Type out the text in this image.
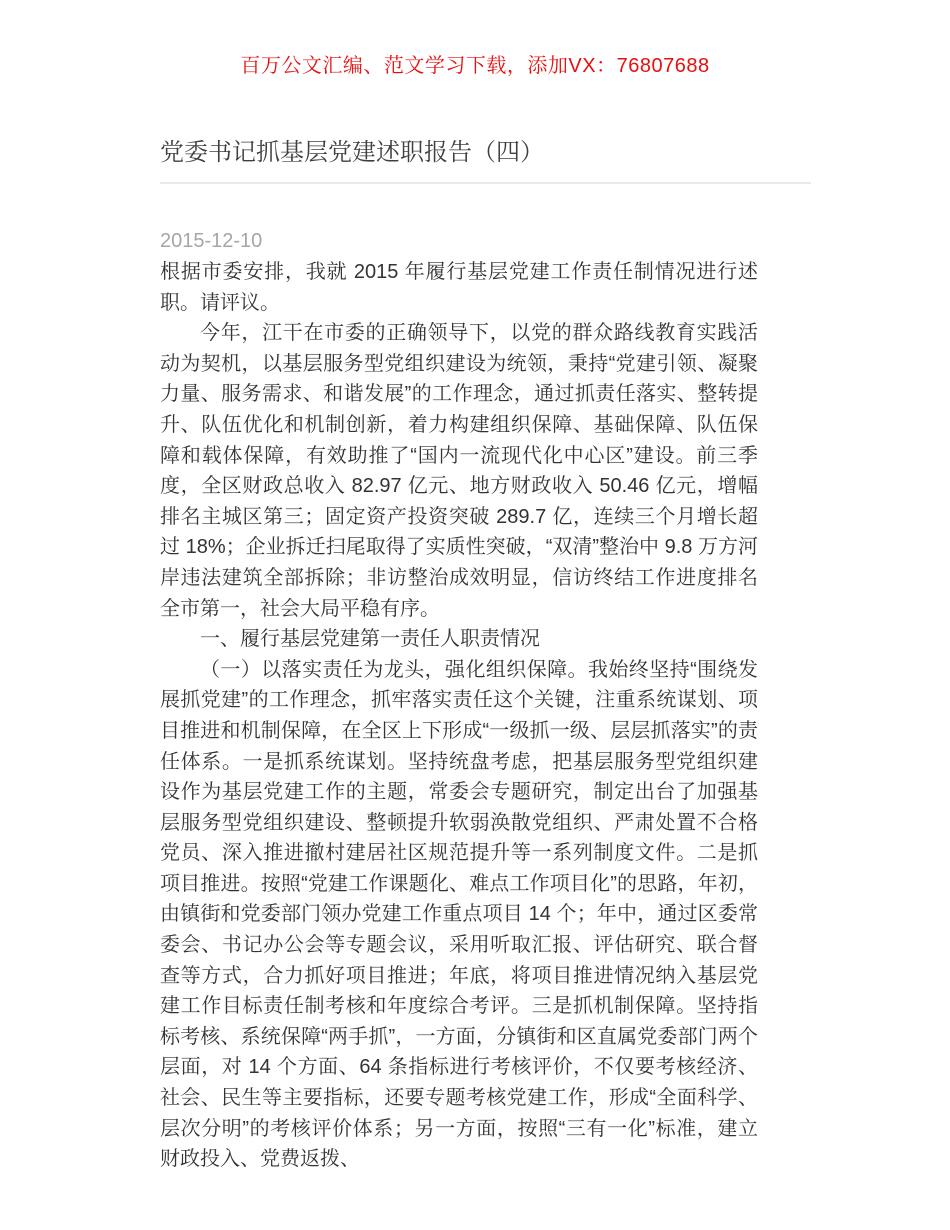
百万公文汇编、范文学习下载，添加VX：76807688
党委书记抓基层党建述职报告（四）
2015-12-10

根据市委安排，我就 2015 年履行基层党建工作责任制情况进行述职。请评议。

今年，江干在市委的正确领导下，以党的群众路线教育实践活动为契机，以基层服务型党组织建设为统领，秉持“党建引领、凝聚力量、服务需求、和谐发展”的工作理念，通过抓责任落实、整转提升、队伍优化和机制创新，着力构建组织保障、基础保障、队伍保障和载体保障，有效助推了“国内一流现代化中心区”建设。前三季度，全区财政总收入 82.97 亿元、地方财政收入 50.46 亿元，增幅排名主城区第三；固定资产投资突破 289.7 亿，连续三个月增长超过 18%；企业拆迁扫尾取得了实质性突破，“双清”整治中 9.8 万方河岸违法建筑全部拆除；非访整治成效明显，信访终结工作进度排名全市第一，社会大局平稳有序。

一、履行基层党建第一责任人职责情况

（一）以落实责任为龙头，强化组织保障。我始终坚持“围绕发展抓党建”的工作理念，抓牢落实责任这个关键，注重系统谋划、项目推进和机制保障，在全区上下形成“一级抓一级、层层抓落实”的责任体系。一是抓系统谋划。坚持统盘考虑，把基层服务型党组织建设作为基层党建工作的主题，常委会专题研究，制定出台了加强基层服务型党组织建设、整顿提升软弱涣散党组织、严肃处置不合格党员、深入推进撤村建居社区规范提升等一系列制度文件。二是抓项目推进。按照“党建工作课题化、难点工作项目化”的思路，年初，由镇街和党委部门领办党建工作重点项目 14 个；年中，通过区委常委会、书记办公会等专题会议，采用听取汇报、评估研究、联合督查等方式，合力抓好项目推进；年底，将项目推进情况纳入基层党建工作目标责任制考核和年度综合考评。三是抓机制保障。坚持指标考核、系统保障“两手抓”，一方面，分镇街和区直属党委部门两个层面，对 14 个方面、64 条指标进行考核评价，不仅要考核经济、社会、民生等主要指标，还要专题考核党建工作，形成“全面科学、层次分明”的考核评价体系；另一方面，按照“三有一化”标准，建立财政投入、党费返拨、
